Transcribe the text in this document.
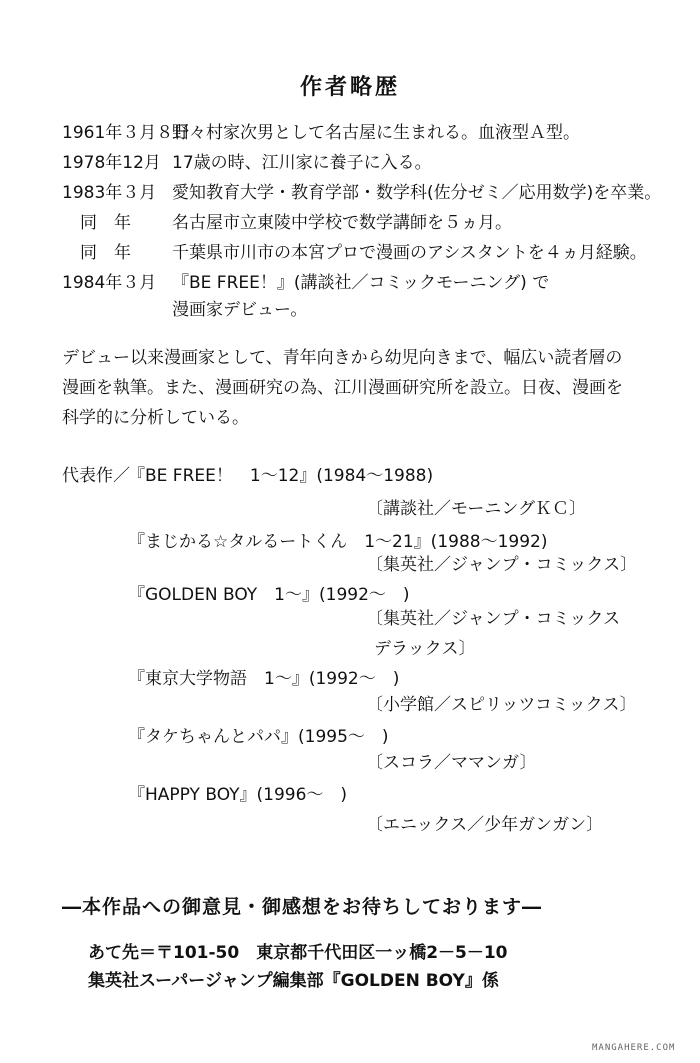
作者略歴
1961年３月８日
野々村家次男として名古屋に生まれる。血液型Ａ型。
1978年12月 17歳の時、江川家に養子に入る。
1983年３月 愛知教育大学・教育学部・数学科(佐分ゼミ／応用数学)を卒業。
同　年 名古屋市立東陵中学校で数学講師を５ヵ月。
同　年 千葉県市川市の本宮プロで漫画のアシスタントを４ヵ月経験。
1984年３月 『BE FREE！』(講談社／コミックモーニング) で
漫画家デビュー。
デビュー以来漫画家として、青年向きから幼児向きまで、幅広い読者層の
漫画を執筆。また、漫画研究の為、江川漫画研究所を設立。日夜、漫画を
科学的に分析している。
代表作／
『BE FREE！　1〜12』(1984〜1988)
〔講談社／モーニングＫＣ〕
『まじかる☆タルるートくん　1〜21』(1988〜1992)
〔集英社／ジャンプ・コミックス〕
『GOLDEN BOY　1〜』(1992〜　)
〔集英社／ジャンプ・コミックス
デラックス〕
『東京大学物語　1〜』(1992〜　)
〔小学館／スピリッツコミックス〕
『タケちゃんとパパ』(1995〜　)
〔スコラ／ママンガ〕
『HAPPY BOY』(1996〜　)
〔エニックス／少年ガンガン〕
―本作品への御意見・御感想をお待ちしております―
あて先＝〒101-50　東京都千代田区一ッ橋2－5－10
集英社スーパージャンプ編集部『GOLDEN BOY』係
MANGAHERE.COM
